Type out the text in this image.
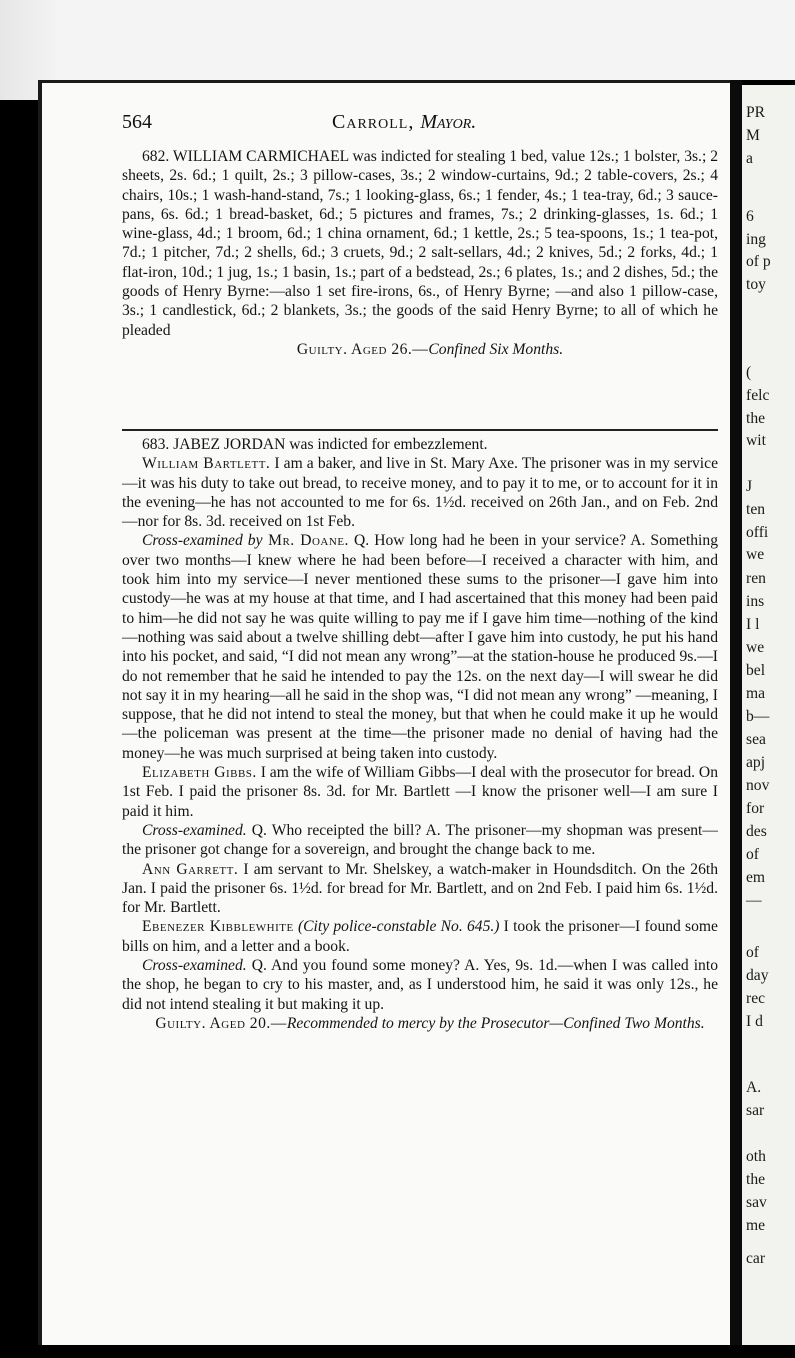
564	Carroll, Mayor.

682. WILLIAM CARMICHAEL was indicted for stealing 1 bed, value 12s.; 1 bolster, 3s.; 2 sheets, 2s. 6d.; 1 quilt, 2s.; 3 pillow-cases, 3s.; 2 window-curtains, 9d.; 2 table-covers, 2s.; 4 chairs, 10s.; 1 wash-hand-stand, 7s.; 1 looking-glass, 6s.; 1 fender, 4s.; 1 tea-tray, 6d.; 3 sauce-pans, 6s. 6d.; 1 bread-basket, 6d.; 5 pictures and frames, 7s.; 2 drinking-glasses, 1s. 6d.; 1 wine-glass, 4d.; 1 broom, 6d.; 1 china ornament, 6d.; 1 kettle, 2s.; 5 tea-spoons, 1s.; 1 tea-pot, 7d.; 1 pitcher, 7d.; 2 shells, 6d.; 3 cruets, 9d.; 2 salt-sellars, 4d.; 2 knives, 5d.; 2 forks, 4d.; 1 flat-iron, 10d.; 1 jug, 1s.; 1 basin, 1s.; part of a bedstead, 2s.; 6 plates, 1s.; and 2 dishes, 5d.; the goods of Henry Byrne:—also 1 set fire-irons, 6s., of Henry Byrne; —and also 1 pillow-case, 3s.; 1 candlestick, 6d.; 2 blankets, 3s.; the goods of the said Henry Byrne; to all of which he pleaded

Guilty. Aged 26.—Confined Six Months.

683. JABEZ JORDAN was indicted for embezzlement.

William Bartlett. I am a baker, and live in St. Mary Axe. The prisoner was in my service—it was his duty to take out bread, to receive money, and to pay it to me, or to account for it in the evening—he has not accounted to me for 6s. 1½d. received on 26th Jan., and on Feb. 2nd—nor for 8s. 3d. received on 1st Feb.

Cross-examined by Mr. Doane. Q. How long had he been in your service? A. Something over two months—I knew where he had been before—I received a character with him, and took him into my service—I never mentioned these sums to the prisoner—I gave him into custody—he was at my house at that time, and I had ascertained that this money had been paid to him—he did not say he was quite willing to pay me if I gave him time—nothing of the kind—nothing was said about a twelve shilling debt—after I gave him into custody, he put his hand into his pocket, and said, “I did not mean any wrong”—at the station-house he produced 9s.—I do not remember that he said he intended to pay the 12s. on the next day—I will swear he did not say it in my hearing—all he said in the shop was, “I did not mean any wrong” —meaning, I suppose, that he did not intend to steal the money, but that when he could make it up he would—the policeman was present at the time—the prisoner made no denial of having had the money—he was much surprised at being taken into custody.

Elizabeth Gibbs. I am the wife of William Gibbs—I deal with the prosecutor for bread. On 1st Feb. I paid the prisoner 8s. 3d. for Mr. Bartlett —I know the prisoner well—I am sure I paid it him.

Cross-examined. Q. Who receipted the bill? A. The prisoner—my shopman was present—the prisoner got change for a sovereign, and brought the change back to me.

Ann Garrett. I am servant to Mr. Shelskey, a watch-maker in Houndsditch. On the 26th Jan. I paid the prisoner 6s. 1½d. for bread for Mr. Bartlett, and on 2nd Feb. I paid him 6s. 1½d. for Mr. Bartlett.

Ebenezer Kibblewhite (City police-constable No. 645.) I took the prisoner—I found some bills on him, and a letter and a book.

Cross-examined. Q. And you found some money? A. Yes, 9s. 1d.—when I was called into the shop, he began to cry to his master, and, as I understood him, he said it was only 12s., he did not intend stealing it but making it up.

Guilty. Aged 20.—Recommended to mercy by the Prosecutor—Confined Two Months.

PR
M
a
6
ing
of p
toy
(
felc
the
wit
J
ten
offi
we
ren
ins
I l
we
bel
ma
b—
sea
apj
nov
for
des
of
em
—
of
day
rec
I d
A.
sar
oth
the
sav
me
car
